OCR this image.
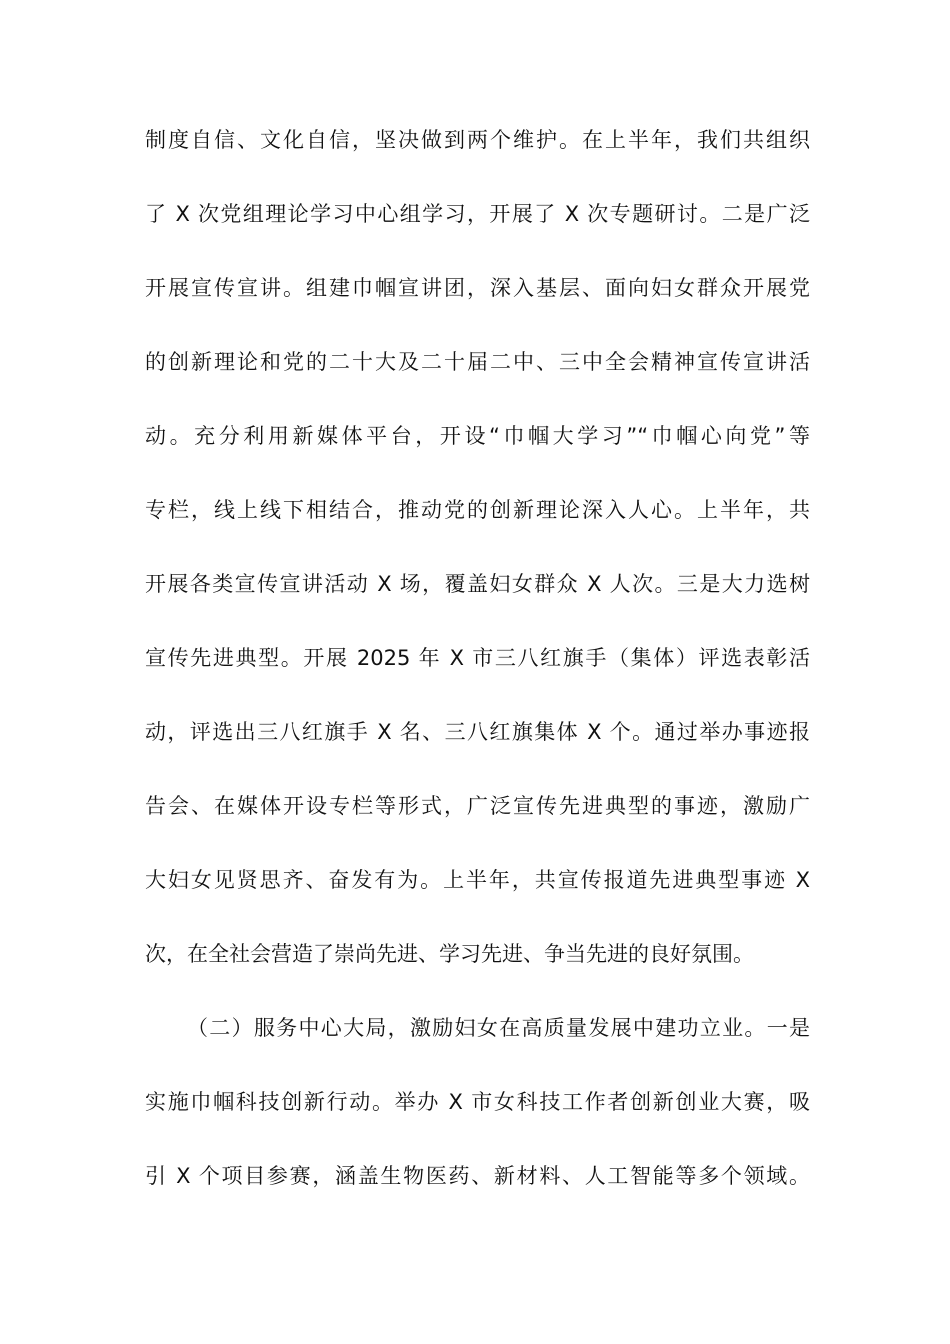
制度自信、文化自信，坚决做到两个维护。在上半年，我们共组织
了 X 次党组理论学习中心组学习，开展了 X 次专题研讨。二是广泛
开展宣传宣讲。组建巾帼宣讲团，深入基层、面向妇女群众开展党
的创新理论和党的二十大及二十届二中、三中全会精神宣传宣讲活
动。充分利用新媒体平台，开设“巾帼大学习”“巾帼心向党”等
专栏，线上线下相结合，推动党的创新理论深入人心。上半年，共
开展各类宣传宣讲活动 X 场，覆盖妇女群众 X 人次。三是大力选树
宣传先进典型。开展 2025 年 X 市三八红旗手（集体）评选表彰活
动，评选出三八红旗手 X 名、三八红旗集体 X 个。通过举办事迹报
告会、在媒体开设专栏等形式，广泛宣传先进典型的事迹，激励广
大妇女见贤思齐、奋发有为。上半年，共宣传报道先进典型事迹 X
次，在全社会营造了崇尚先进、学习先进、争当先进的良好氛围。
（二）服务中心大局，激励妇女在高质量发展中建功立业。一是
实施巾帼科技创新行动。举办 X 市女科技工作者创新创业大赛，吸
引 X 个项目参赛，涵盖生物医药、新材料、人工智能等多个领域。
